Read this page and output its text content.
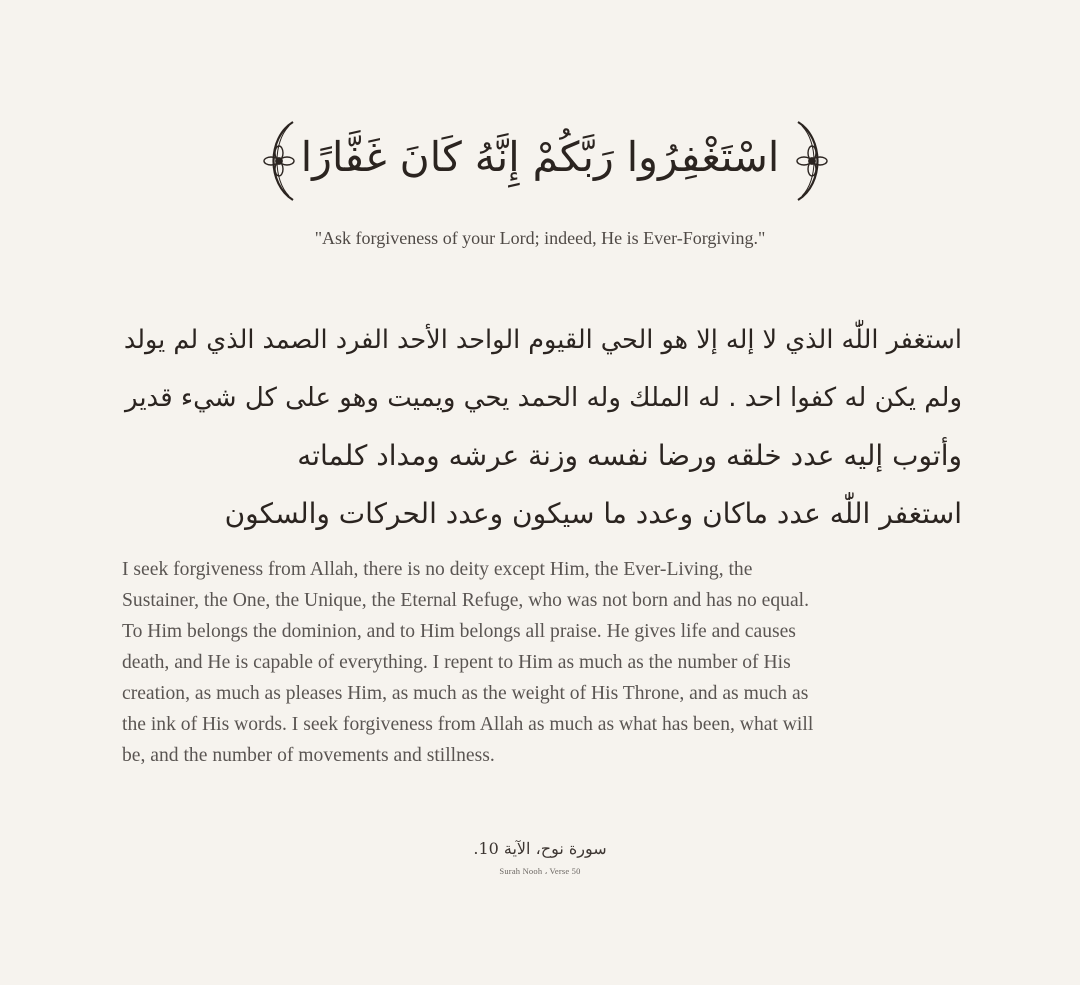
اسْتَغْفِرُوا رَبَّكُمْ إِنَّهُ كَانَ غَفَّارًا
"Ask forgiveness of your Lord; indeed, He is Ever-Forgiving."
استغفر اللّٰه الذي لا إله إلا هو الحي القيوم الواحد الأحد الفرد الصمد الذي لم يولد
ولم يكن له كفوا احد . له الملك وله الحمد يحي ويميت وهو على كل شيء قدير
وأتوب إليه عدد خلقه ورضا نفسه وزنة عرشه ومداد كلماته
استغفر اللّٰه عدد ماكان وعدد ما سيكون وعدد الحركات والسكون
I seek forgiveness from Allah, there is no deity except Him, the Ever-Living, the
Sustainer, the One, the Unique, the Eternal Refuge, who was not born and has no equal.
To Him belongs the dominion, and to Him belongs all praise. He gives life and causes
death, and He is capable of everything. I repent to Him as much as the number of His
creation, as much as pleases Him, as much as the weight of His Throne, and as much as
the ink of His words. I seek forgiveness from Allah as much as what has been, what will
be, and the number of movements and stillness.
سورة نوح، الآية 10.
Surah Nooh ، Verse 50
